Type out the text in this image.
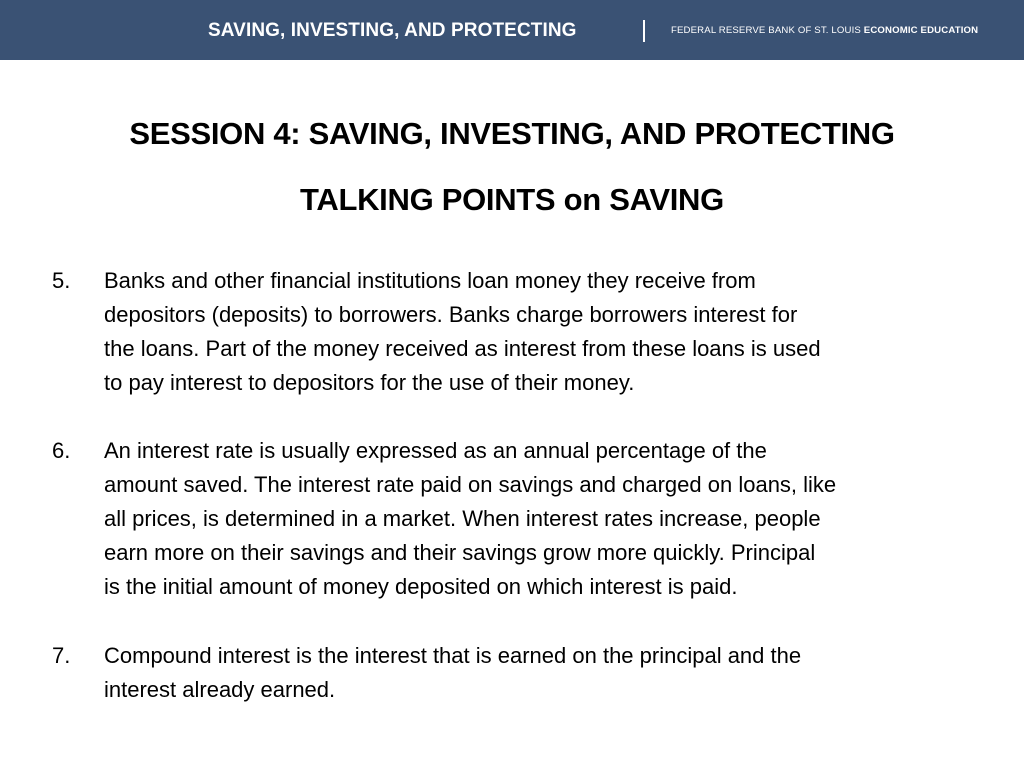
SAVING, INVESTING, AND PROTECTING	FEDERAL RESERVE BANK OF ST. LOUIS ECONOMIC EDUCATION
SESSION 4: SAVING, INVESTING, AND PROTECTING
TALKING POINTS on SAVING
5. Banks and other financial institutions loan money they receive from
depositors (deposits) to borrowers. Banks charge borrowers interest for
the loans. Part of the money received as interest from these loans is used
to pay interest to depositors for the use of their money.
6. An interest rate is usually expressed as an annual percentage of the
amount saved. The interest rate paid on savings and charged on loans, like
all prices, is determined in a market. When interest rates increase, people
earn more on their savings and their savings grow more quickly. Principal
is the initial amount of money deposited on which interest is paid.
7. Compound interest is the interest that is earned on the principal and the
interest already earned.
